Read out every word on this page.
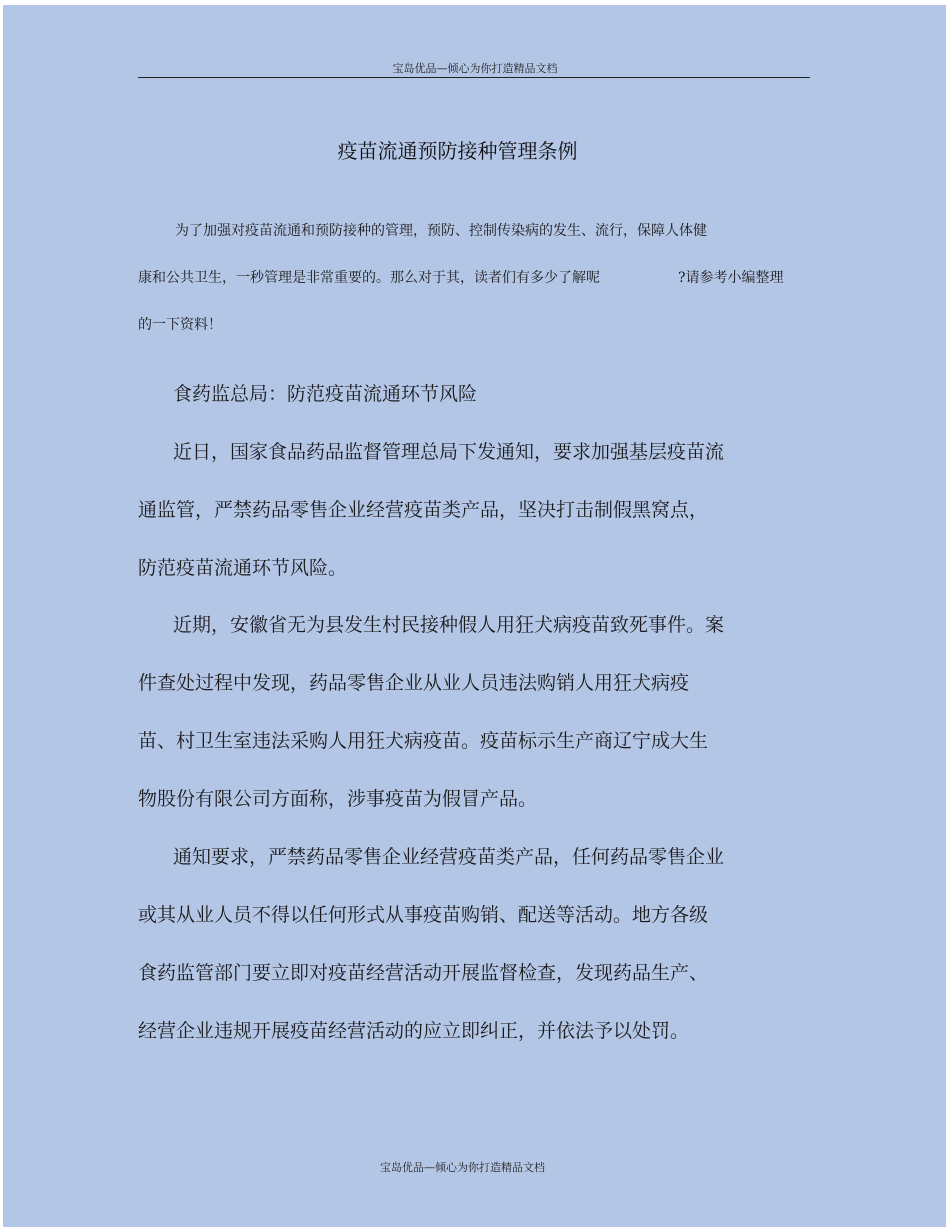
宝岛优品—倾心为你打造精品文档
疫苗流通预防接种管理条例
为了加强对疫苗流通和预防接种的管理，预防、控制传染病的发生、流行，保障人体健
康和公共卫生，一秒管理是非常重要的。那么对于其，读者们有多少了解呢	?请参考小编整理
的一下资料！
食药监总局：防范疫苗流通环节风险
近日，国家食品药品监督管理总局下发通知，要求加强基层疫苗流
通监管，严禁药品零售企业经营疫苗类产品，坚决打击制假黑窝点，
防范疫苗流通环节风险。
近期，安徽省无为县发生村民接种假人用狂犬病疫苗致死事件。案
件查处过程中发现，药品零售企业从业人员违法购销人用狂犬病疫
苗、村卫生室违法采购人用狂犬病疫苗。疫苗标示生产商辽宁成大生
物股份有限公司方面称，涉事疫苗为假冒产品。
通知要求，严禁药品零售企业经营疫苗类产品，任何药品零售企业
或其从业人员不得以任何形式从事疫苗购销、配送等活动。地方各级
食药监管部门要立即对疫苗经营活动开展监督检查，发现药品生产、
经营企业违规开展疫苗经营活动的应立即纠正，并依法予以处罚。
宝岛优品—倾心为你打造精品文档
